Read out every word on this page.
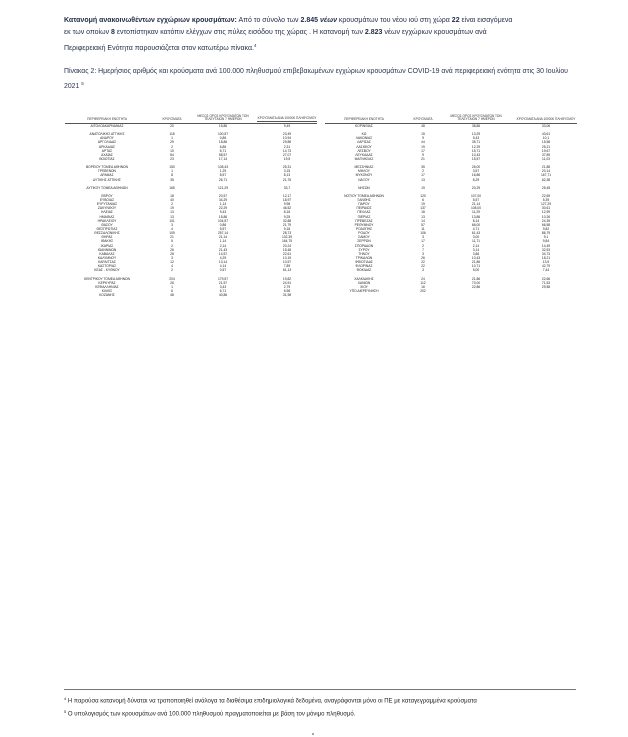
Κατανομή ανακοινωθέντων εγχώριων κρουσμάτων: Από το σύνολο των 2.845 νέων κρουσμάτων του νέου ιού στη χώρα 22 είναι εισαγόμενα
εκ των οποίων 8 εντοπίστηκαν κατόπιν ελέγχων στις πύλες εισόδου της χώρας . Η κατανομή των 2.823 νέων εγχώριων κρουσμάτων ανά
Περιφερειακή Ενότητα παρουσιάζεται στον κατωτέρω πίνακα.$^4$
Πίνακας 2: Ημερήσιος αριθμός και κρούσματα ανά 100.000 πληθυσμού επιβεβαιωμένων εγχώριων κρουσμάτων COVID-19 ανά περιφερειακή ενότητα στις 30 Ιουλίου 2021 $^5$
ΠΕΡΙΦΕΡΕΙΑΚΗ ΕΝΟΤΗΤΑ	ΚΡΟΥΣΜΑΤΑ
ΜΕΣΟΣ ΟΡΟΣ ΚΡΟΥΣΜΑΤΩΝ ΤΩΝ ΤΕΛΕΥΤΑΙΩΝ 7 ΗΜΕΡΩΝ	ΚΡΟΥΣΜΑΤΑ ΑΝΑ 100000 ΠΛΗΘΥΣΜΟΥ
ΑΙΤΩΛΟΑΚΑΡΝΑΝΙΑΣ	20	15,86	9,49
ΑΝΑΤΟΛΙΚΗΣ ΑΤΤΙΚΗΣ	118	100,57	23,49
ΑΝΔΡΟΥ	1	0,86	10,94
ΑΡΓΟΛΙΔΑΣ	29	18,86	29,88
ΑΡΚΑΔΙΑΣ	2	6,86	2,31
ΑΡΤΑΣ	10	6,71	14,73
ΑΧΑΪΑΣ	84	58,57	27,07
ΒΟΙΩΤΙΑΣ	23	17,14	19,5
ΒΟΡΕΙΟΥ ΤΟΜΕΑ ΑΘΗΝΩΝ	150	108,43	25,31
ΓΡΕΒΕΝΩΝ	1	1,29	3,15
ΔΡΑΜΑΣ	8	8,57	8,13
ΔΥΤΙΚΗΣ ΑΤΤΙΚΗΣ	35	26,71	21,75
ΔΥΤΙΚΟΥ ΤΟΜΕΑ ΑΘΗΝΩΝ	165	121,29	33,7
ΕΒΡΟΥ	18	20,57	12,17
ΕΥΒΟΙΑΣ	40	34,29	18,97
ΕΥΡΥΤΑΝΙΑΣ	2	1,14	9,98
ΖΑΚΥΝΘΟΥ	19	22,29	46,52
ΗΛΕΙΑΣ	13	9,43	8,16
ΗΜΑΘΙΑΣ	13	15,86	9,25
ΗΡΑΚΛΕΙΟΥ	101	104,57	32,88
ΘΑΣΟΥ	3	0,86	21,79
ΘΕΣΠΡΩΤΙΑΣ	4	5,57	9,18
ΘΕΣΣΑΛΟΝΙΚΗΣ	109	257,14	28,73
ΘΗΡΑΣ	21	21,14	132,39
ΙΘΑΚΗΣ	5	1,14	164,75
ΙΚΑΡΙΑΣ	2	2,14	20,24
ΙΩΑΝΝΙΝΩΝ	26	21,43	15,48
ΚΑΒΑΛΑΣ	28	14,57	22,61
ΚΑΛΥΜΝΟΥ	3	4,29	10,19
ΚΑΡΔΙΤΣΑΣ	12	13,14	10,57
ΚΑΣΤΟΡΙΑΣ	4	4,14	7,89
ΚΕΑΣ - ΚΥΘΝΟΥ	2	0,57	61,13
ΚΕΝΤΡΙΚΟΥ ΤΟΜΕΑ ΑΘΗΝΩΝ	204	179,57	19,82
ΚΕΡΚΥΡΑΣ	26	21,57	24,91
ΚΕΦΑΛΛΗΝΙΑΣ	1	3,43	2,79
ΚΙΛΚΙΣ	6	6,71	6,96
ΚΟΖΑΝΗΣ	48	40,86	31,98
ΠΕΡΙΦΕΡΕΙΑΚΗ ΕΝΟΤΗΤΑ	ΚΡΟΥΣΜΑΤΑ
ΜΕΣΟΣ ΟΡΟΣ ΚΡΟΥΣΜΑΤΩΝ ΤΩΝ ΤΕΛΕΥΤΑΙΩΝ 7 ΗΜΕΡΩΝ	ΚΡΟΥΣΜΑΤΑ ΑΝΑ 100000 ΠΛΗΘΥΣΜΟΥ
ΚΟΡΙΝΘΙΑΣ	48	38,86	33,06
ΚΩ	15	13,29	43,61
ΛΑΚΩΝΙΑΣ	9	5,43	10,1
ΛΑΡΙΣΑΣ	44	35,71	15,58
ΛΑΣΙΘΙΟΥ	19	12,29	25,21
ΛΕΣΒΟΥ	17	15,71	19,67
ΛΕΥΚΑΔΑΣ	9	10,43	37,89
ΜΑΓΝΗΣΙΑΣ	21	15,57	11,03
ΜΕΣΣΗΝΙΑΣ	35	26,00	21,88
ΜΗΛΟΥ	2	3,57	20,14
ΜΥΚΟΝΟΥ	17	16,86	167,71
ΝΑΞΟΥ	13	8,29	62,38
ΝΗΣΩΝ	19	20,29	25,45
ΝΟΤΙΟΥ ΤΟΜΕΑ ΑΘΗΝΩΝ	120	107,00	22,65
ΞΑΝΘΗΣ	6	5,57	5,39
ΠΑΡΟΥ	19	21,14	127,29
ΠΕΙΡΑΙΩΣ	137	108,00	30,61
ΠΕΛΛΑΣ	18	11,29	12,99
ΠΙΕΡΙΑΣ	13	13,86	10,26
ΠΡΕΒΕΖΑΣ	14	8,14	24,35
ΡΕΘΥΜΝΟΥ	57	66,00	66,58
ΡΟΔΟΠΗΣ	11	4,71	9,82
ΡΟΔΟΥ	106	61,43	86,79
ΣΑΜΟΥ	3	3,00	9,1
ΣΕΡΡΩΝ	17	11,71	9,84
ΣΠΟΡΑΔΩΝ	2	2,14	14,49
ΣΥΡΟΥ	7	3,14	32,53
ΤΗΝΟΥ	3	3,86	34,73
ΤΡΙΚΑΛΩΝ	26	10,43	18,21
ΦΘΙΩΤΙΔΑΣ	22	21,86	13,9
ΦΛΩΡΙΝΑΣ	22	10,71	42,79
ΦΩΚΙΔΑΣ	3	5,00	7,44
ΧΑΛΚΙΔΙΚΗΣ	24	21,86	22,66
ΧΑΝΙΩΝ	112	70,00	71,53
ΧΙΟΥ	16	22,86	29,58
ΥΠΟ ΔΙΕΡΕΥΝΗΣΗ	202
$^4$ Η παρούσα κατανομή δύναται να τροποποιηθεί ανάλογα τα διαθέσιμα επιδημιολογικά δεδομένα, αναγράφονται μόνο οι ΠΕ με καταγεγραμμένα κρούσματα
$^5$ Ο υπολογισμός των κρουσμάτων ανά 100.000 πληθυσμού πραγματοποιείται με βάση τον μόνιμο πληθυσμό.
